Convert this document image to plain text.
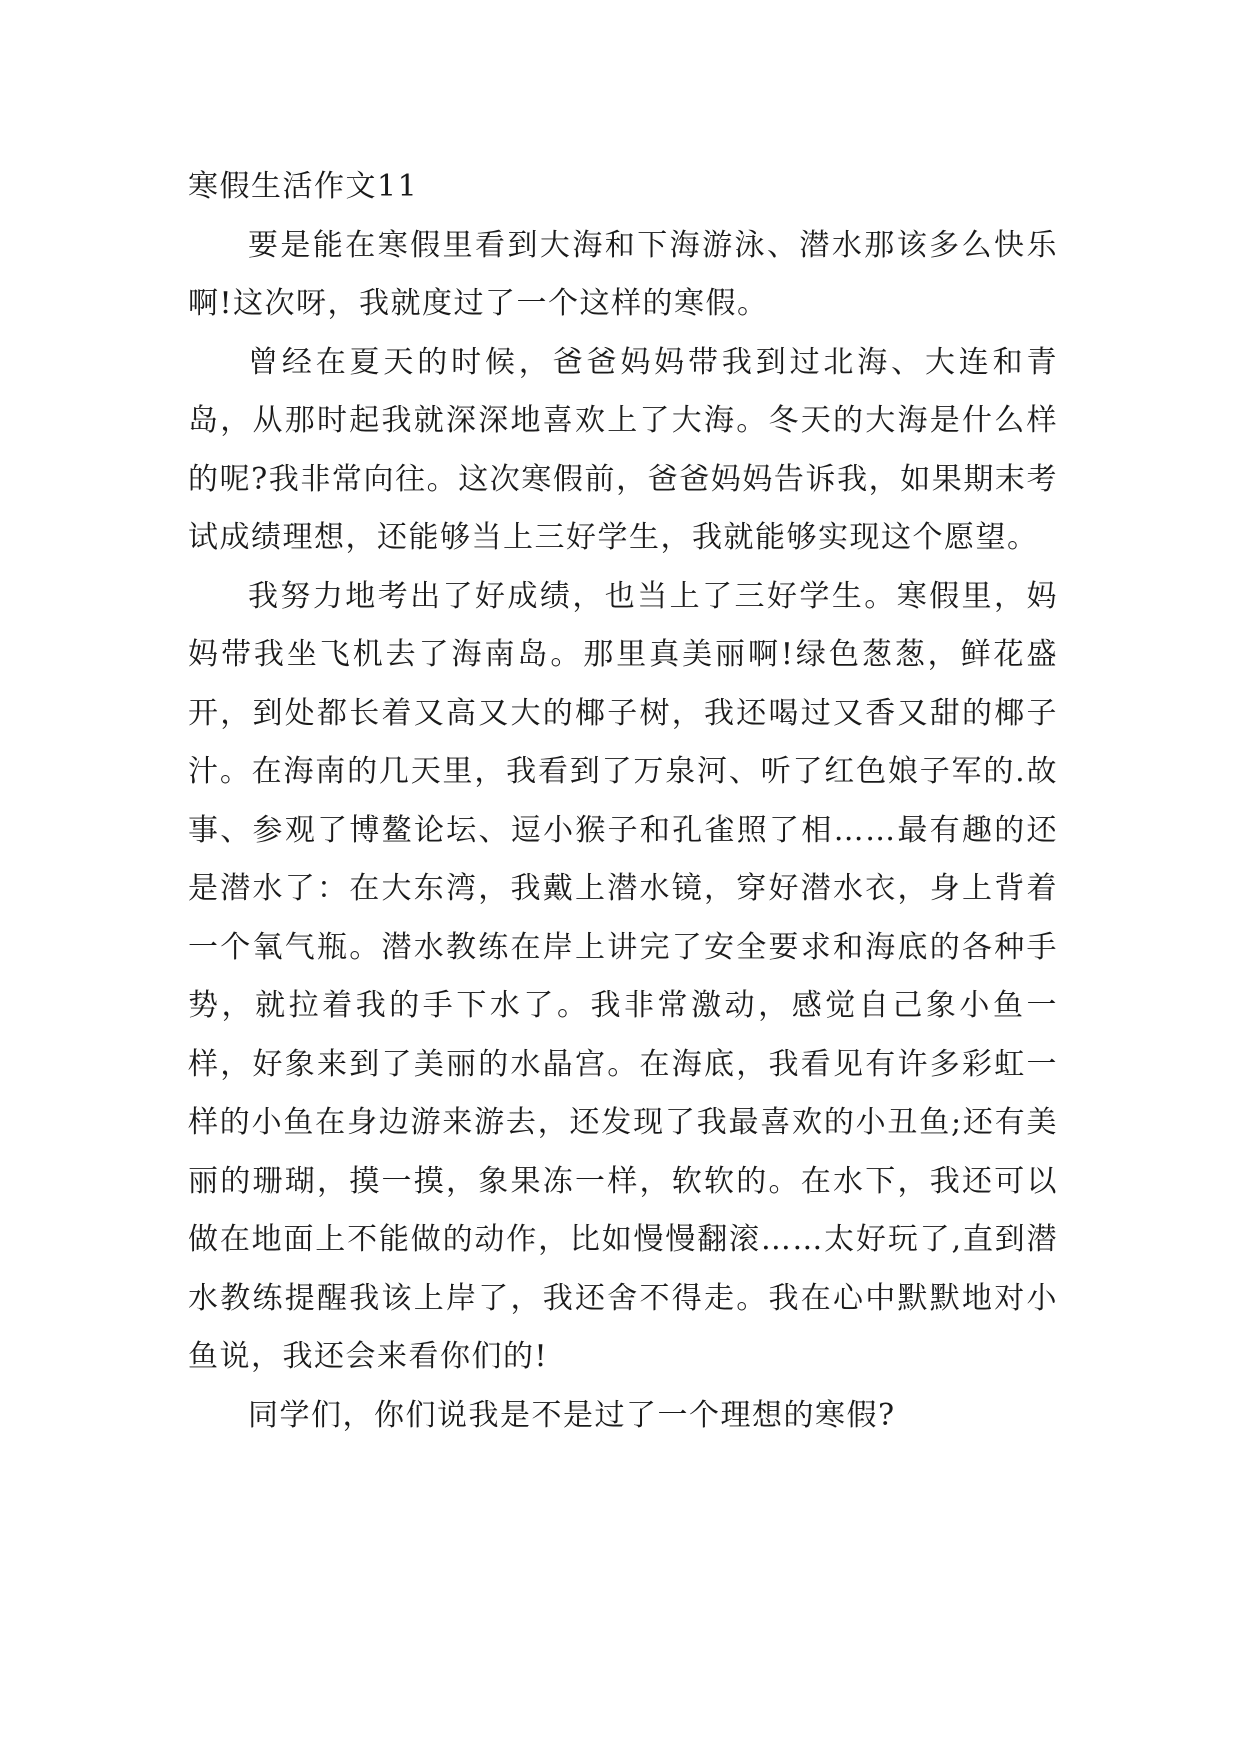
寒假生活作文11

要是能在寒假里看到大海和下海游泳、潜水那该多么快乐啊!这次呀，我就度过了一个这样的寒假。

曾经在夏天的时候，爸爸妈妈带我到过北海、大连和青岛，从那时起我就深深地喜欢上了大海。冬天的大海是什么样的呢?我非常向往。这次寒假前，爸爸妈妈告诉我，如果期末考试成绩理想，还能够当上三好学生，我就能够实现这个愿望。

我努力地考出了好成绩，也当上了三好学生。寒假里，妈妈带我坐飞机去了海南岛。那里真美丽啊!绿色葱葱，鲜花盛开，到处都长着又高又大的椰子树，我还喝过又香又甜的椰子汁。在海南的几天里，我看到了万泉河、听了红色娘子军的.故事、参观了博鳌论坛、逗小猴子和孔雀照了相……最有趣的还是潜水了：在大东湾，我戴上潜水镜，穿好潜水衣，身上背着一个氧气瓶。潜水教练在岸上讲完了安全要求和海底的各种手势，就拉着我的手下水了。我非常激动，感觉自己象小鱼一样，好象来到了美丽的水晶宫。在海底，我看见有许多彩虹一样的小鱼在身边游来游去，还发现了我最喜欢的小丑鱼;还有美丽的珊瑚，摸一摸，象果冻一样，软软的。在水下，我还可以做在地面上不能做的动作，比如慢慢翻滚……太好玩了,直到潜水教练提醒我该上岸了，我还舍不得走。我在心中默默地对小鱼说，我还会来看你们的!

同学们，你们说我是不是过了一个理想的寒假?
